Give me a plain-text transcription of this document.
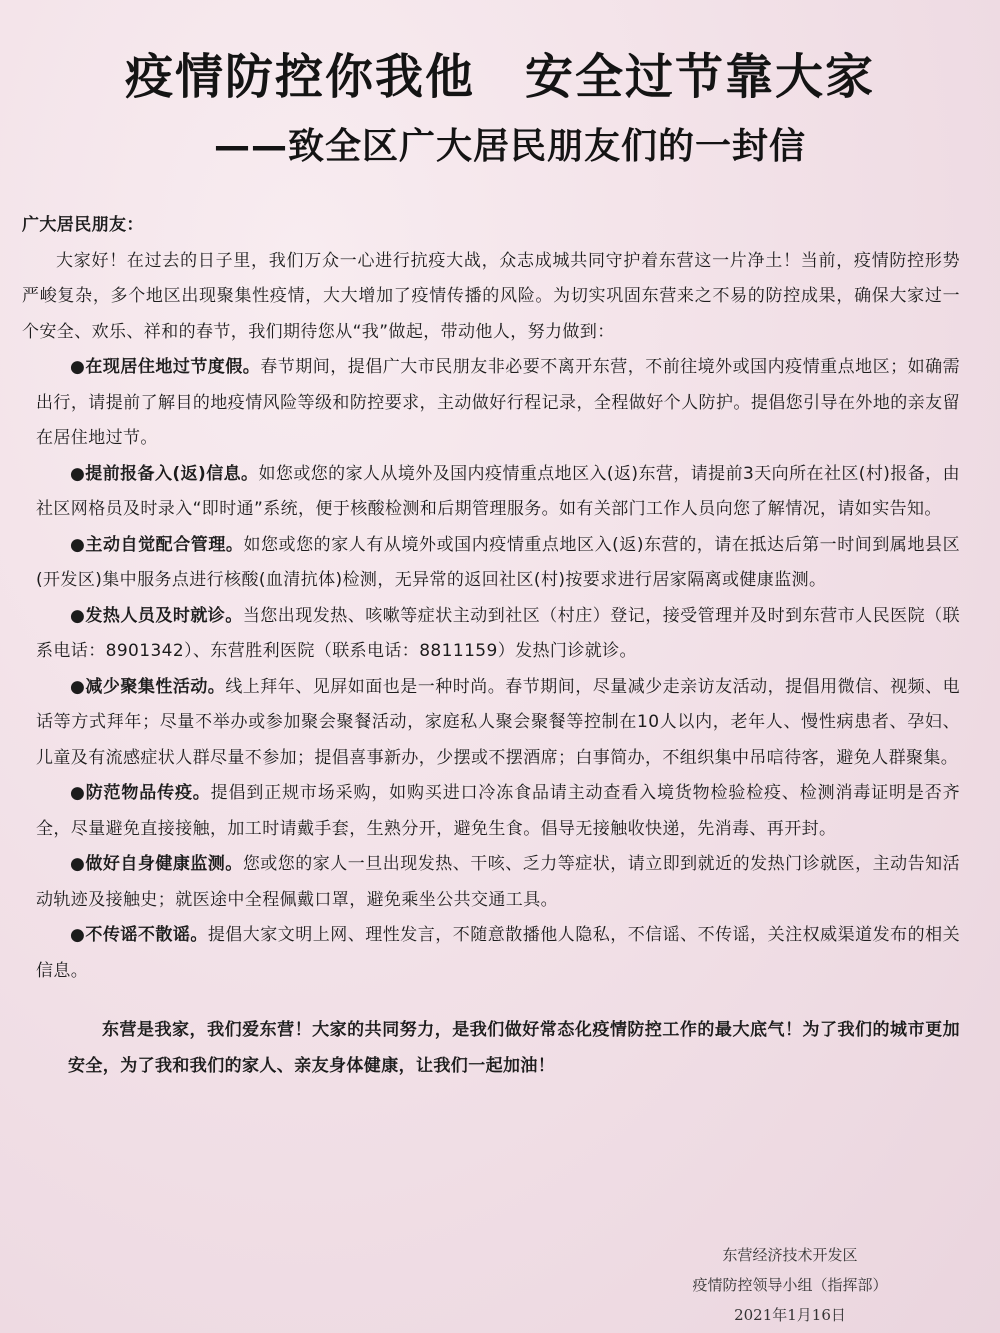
疫情防控你我他　安全过节靠大家
——致全区广大居民朋友们的一封信

广大居民朋友：

大家好！在过去的日子里，我们万众一心进行抗疫大战，众志成城共同守护着东营这一片净土！当前，疫情防控形势严峻复杂，多个地区出现聚集性疫情，大大增加了疫情传播的风险。为切实巩固东营来之不易的防控成果，确保大家过一个安全、欢乐、祥和的春节，我们期待您从“我”做起，带动他人，努力做到：

●在现居住地过节度假。春节期间，提倡广大市民朋友非必要不离开东营，不前往境外或国内疫情重点地区；如确需出行，请提前了解目的地疫情风险等级和防控要求，主动做好行程记录，全程做好个人防护。提倡您引导在外地的亲友留在居住地过节。

●提前报备入(返)信息。如您或您的家人从境外及国内疫情重点地区入(返)东营，请提前3天向所在社区(村)报备，由社区网格员及时录入“即时通”系统，便于核酸检测和后期管理服务。如有关部门工作人员向您了解情况，请如实告知。

●主动自觉配合管理。如您或您的家人有从境外或国内疫情重点地区入(返)东营的，请在抵达后第一时间到属地县区(开发区)集中服务点进行核酸(血清抗体)检测，无异常的返回社区(村)按要求进行居家隔离或健康监测。

●发热人员及时就诊。当您出现发热、咳嗽等症状主动到社区（村庄）登记，接受管理并及时到东营市人民医院（联系电话：8901342）、东营胜利医院（联系电话：8811159）发热门诊就诊。

●减少聚集性活动。线上拜年、见屏如面也是一种时尚。春节期间，尽量减少走亲访友活动，提倡用微信、视频、电话等方式拜年；尽量不举办或参加聚会聚餐活动，家庭私人聚会聚餐等控制在10人以内，老年人、慢性病患者、孕妇、儿童及有流感症状人群尽量不参加；提倡喜事新办，少摆或不摆酒席；白事简办，不组织集中吊唁待客，避免人群聚集。

●防范物品传疫。提倡到正规市场采购，如购买进口冷冻食品请主动查看入境货物检验检疫、检测消毒证明是否齐全，尽量避免直接接触，加工时请戴手套，生熟分开，避免生食。倡导无接触收快递，先消毒、再开封。

●做好自身健康监测。您或您的家人一旦出现发热、干咳、乏力等症状，请立即到就近的发热门诊就医，主动告知活动轨迹及接触史；就医途中全程佩戴口罩，避免乘坐公共交通工具。

●不传谣不散谣。提倡大家文明上网、理性发言，不随意散播他人隐私，不信谣、不传谣，关注权威渠道发布的相关信息。

东营是我家，我们爱东营！大家的共同努力，是我们做好常态化疫情防控工作的最大底气！为了我们的城市更加安全，为了我和我们的家人、亲友身体健康，让我们一起加油！

东营经济技术开发区
疫情防控领导小组（指挥部）
2021年1月16日
